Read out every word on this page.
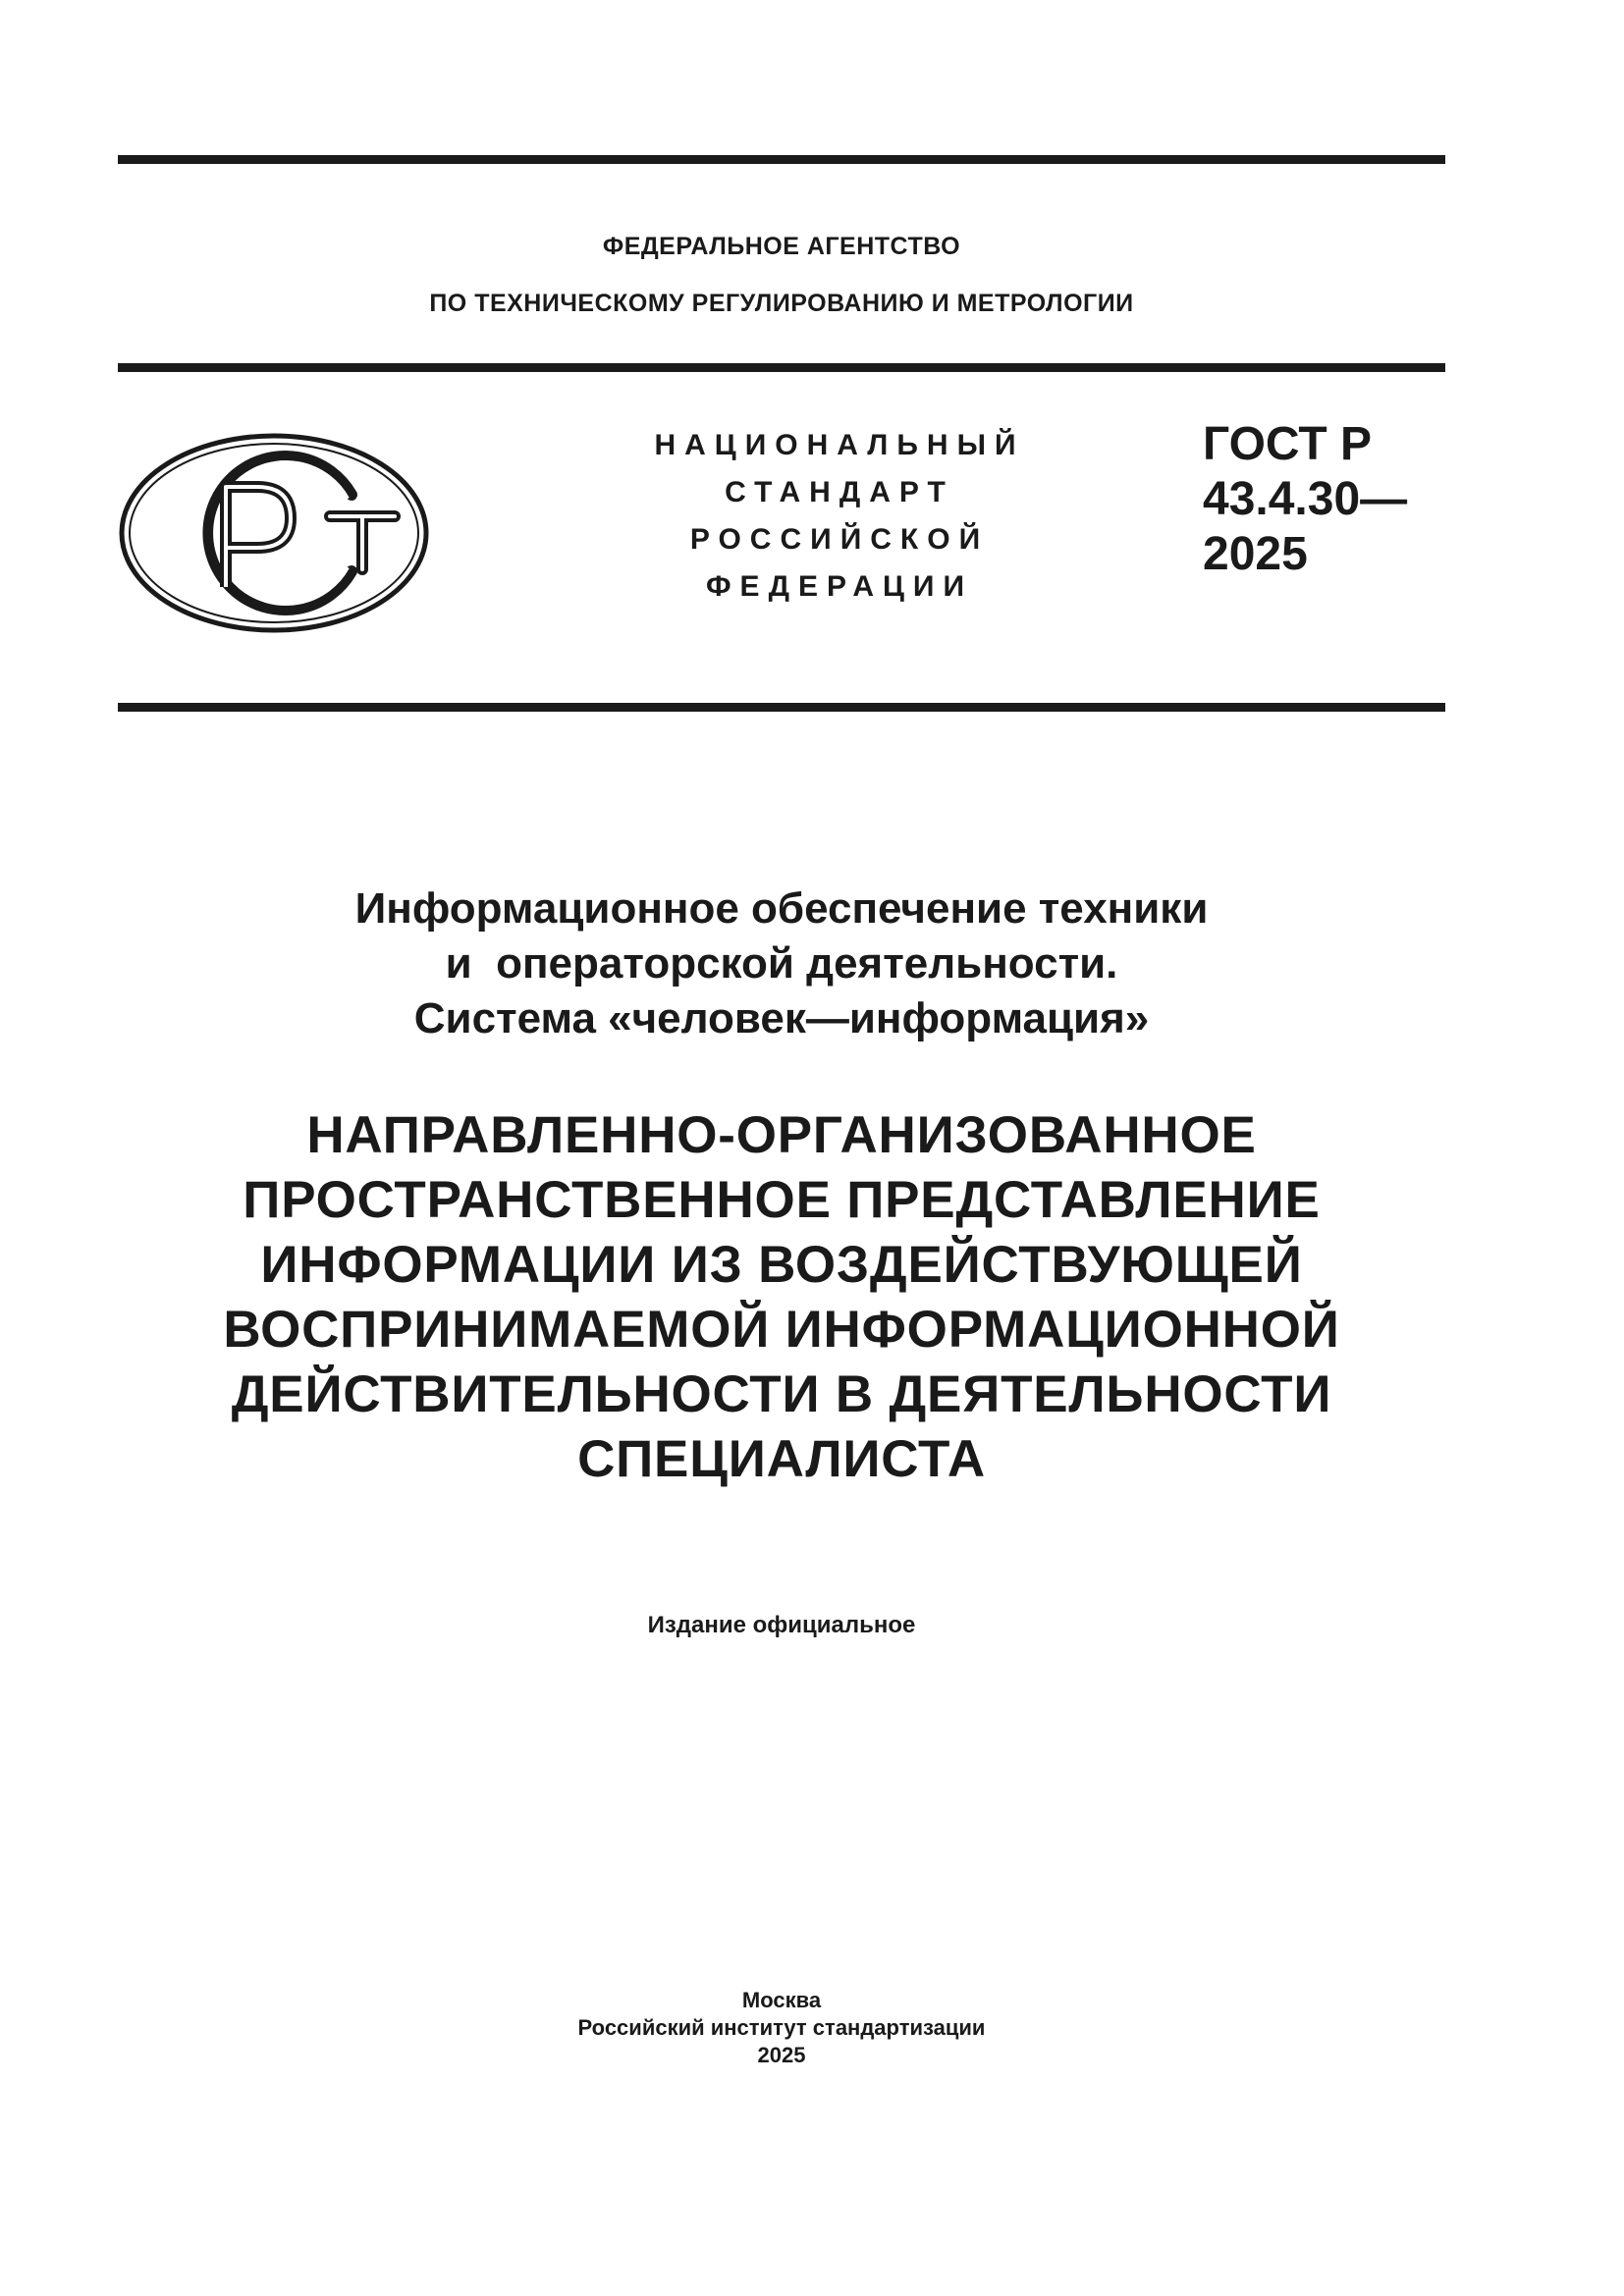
ФЕДЕРАЛЬНОЕ АГЕНТСТВО
ПО ТЕХНИЧЕСКОМУ РЕГУЛИРОВАНИЮ И МЕТРОЛОГИИ
НАЦИОНАЛЬНЫЙ
СТАНДАРТ
РОССИЙСКОЙ
ФЕДЕРАЦИИ
ГОСТ Р
43.4.30—
2025
Информационное обеспечение техники
и  операторской деятельности.
Система «человек—информация»
НАПРАВЛЕННО-ОРГАНИЗОВАННОЕ
ПРОСТРАНСТВЕННОЕ ПРЕДСТАВЛЕНИЕ
ИНФОРМАЦИИ ИЗ ВОЗДЕЙСТВУЮЩЕЙ
ВОСПРИНИМАЕМОЙ ИНФОРМАЦИОННОЙ
ДЕЙСТВИТЕЛЬНОСТИ В ДЕЯТЕЛЬНОСТИ
СПЕЦИАЛИСТА
Издание официальное
Москва
Российский институт стандартизации
2025
